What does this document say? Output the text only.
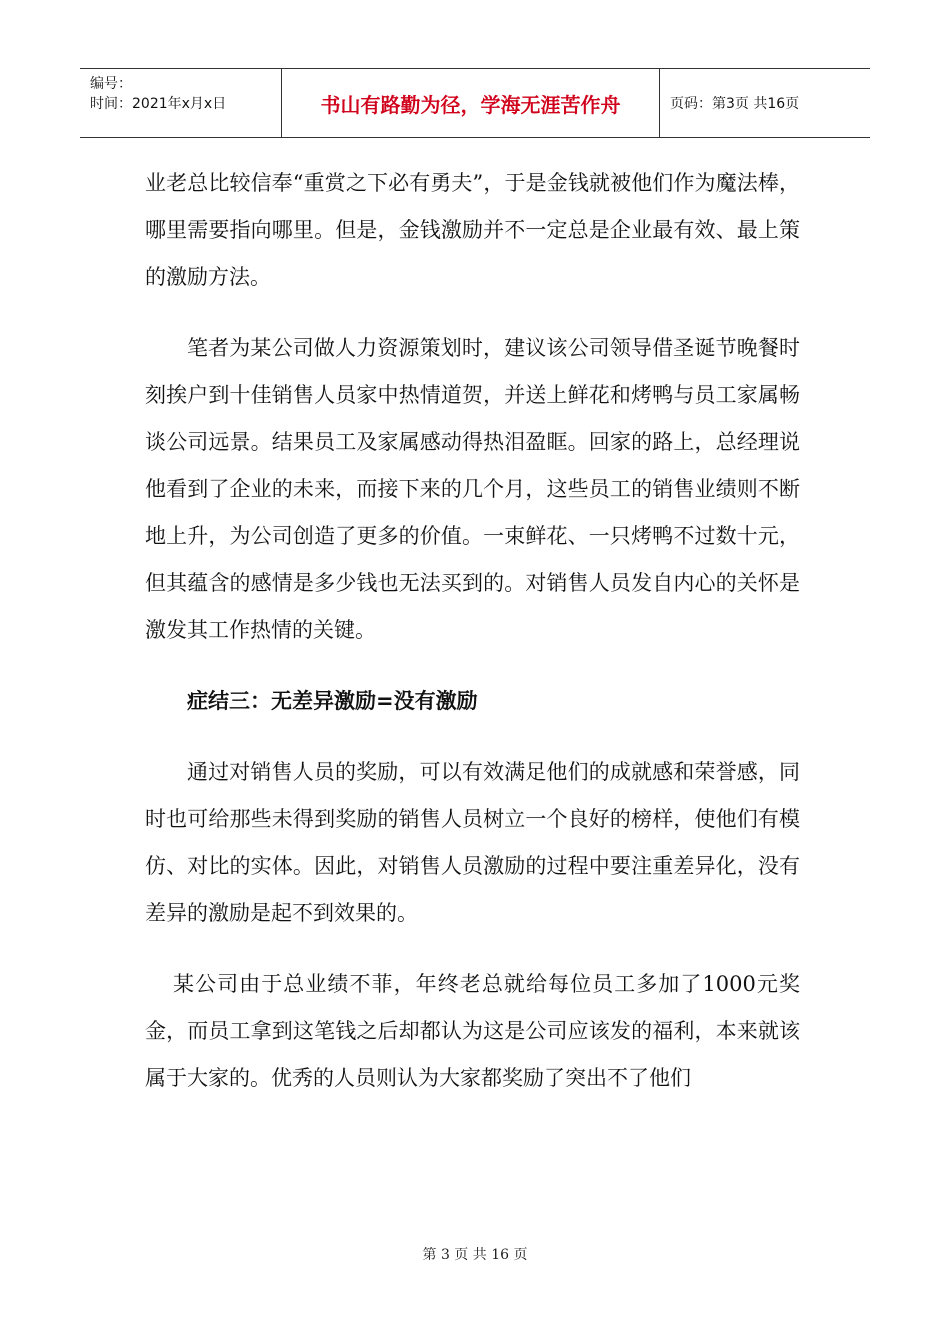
编号：
时间：2021年x月x日	书山有路勤为径，学海无涯苦作舟	页码：第3页 共16页

业老总比较信奉“重赏之下必有勇夫”，于是金钱就被他们作为魔法棒，哪里需要指向哪里。但是，金钱激励并不一定总是企业最有效、最上策的激励方法。

笔者为某公司做人力资源策划时，建议该公司领导借圣诞节晚餐时刻挨户到十佳销售人员家中热情道贺，并送上鲜花和烤鸭与员工家属畅谈公司远景。结果员工及家属感动得热泪盈眶。回家的路上，总经理说他看到了企业的未来，而接下来的几个月，这些员工的销售业绩则不断地上升，为公司创造了更多的价值。一束鲜花、一只烤鸭不过数十元，但其蕴含的感情是多少钱也无法买到的。对销售人员发自内心的关怀是激发其工作热情的关键。

症结三：无差异激励=没有激励

通过对销售人员的奖励，可以有效满足他们的成就感和荣誉感，同时也可给那些未得到奖励的销售人员树立一个良好的榜样，使他们有模仿、对比的实体。因此，对销售人员激励的过程中要注重差异化，没有差异的激励是起不到效果的。

某公司由于总业绩不菲，年终老总就给每位员工多加了1000元奖金，而员工拿到这笔钱之后却都认为这是公司应该发的福利，本来就该属于大家的。优秀的人员则认为大家都奖励了突出不了他们

第 3 页 共 16 页
